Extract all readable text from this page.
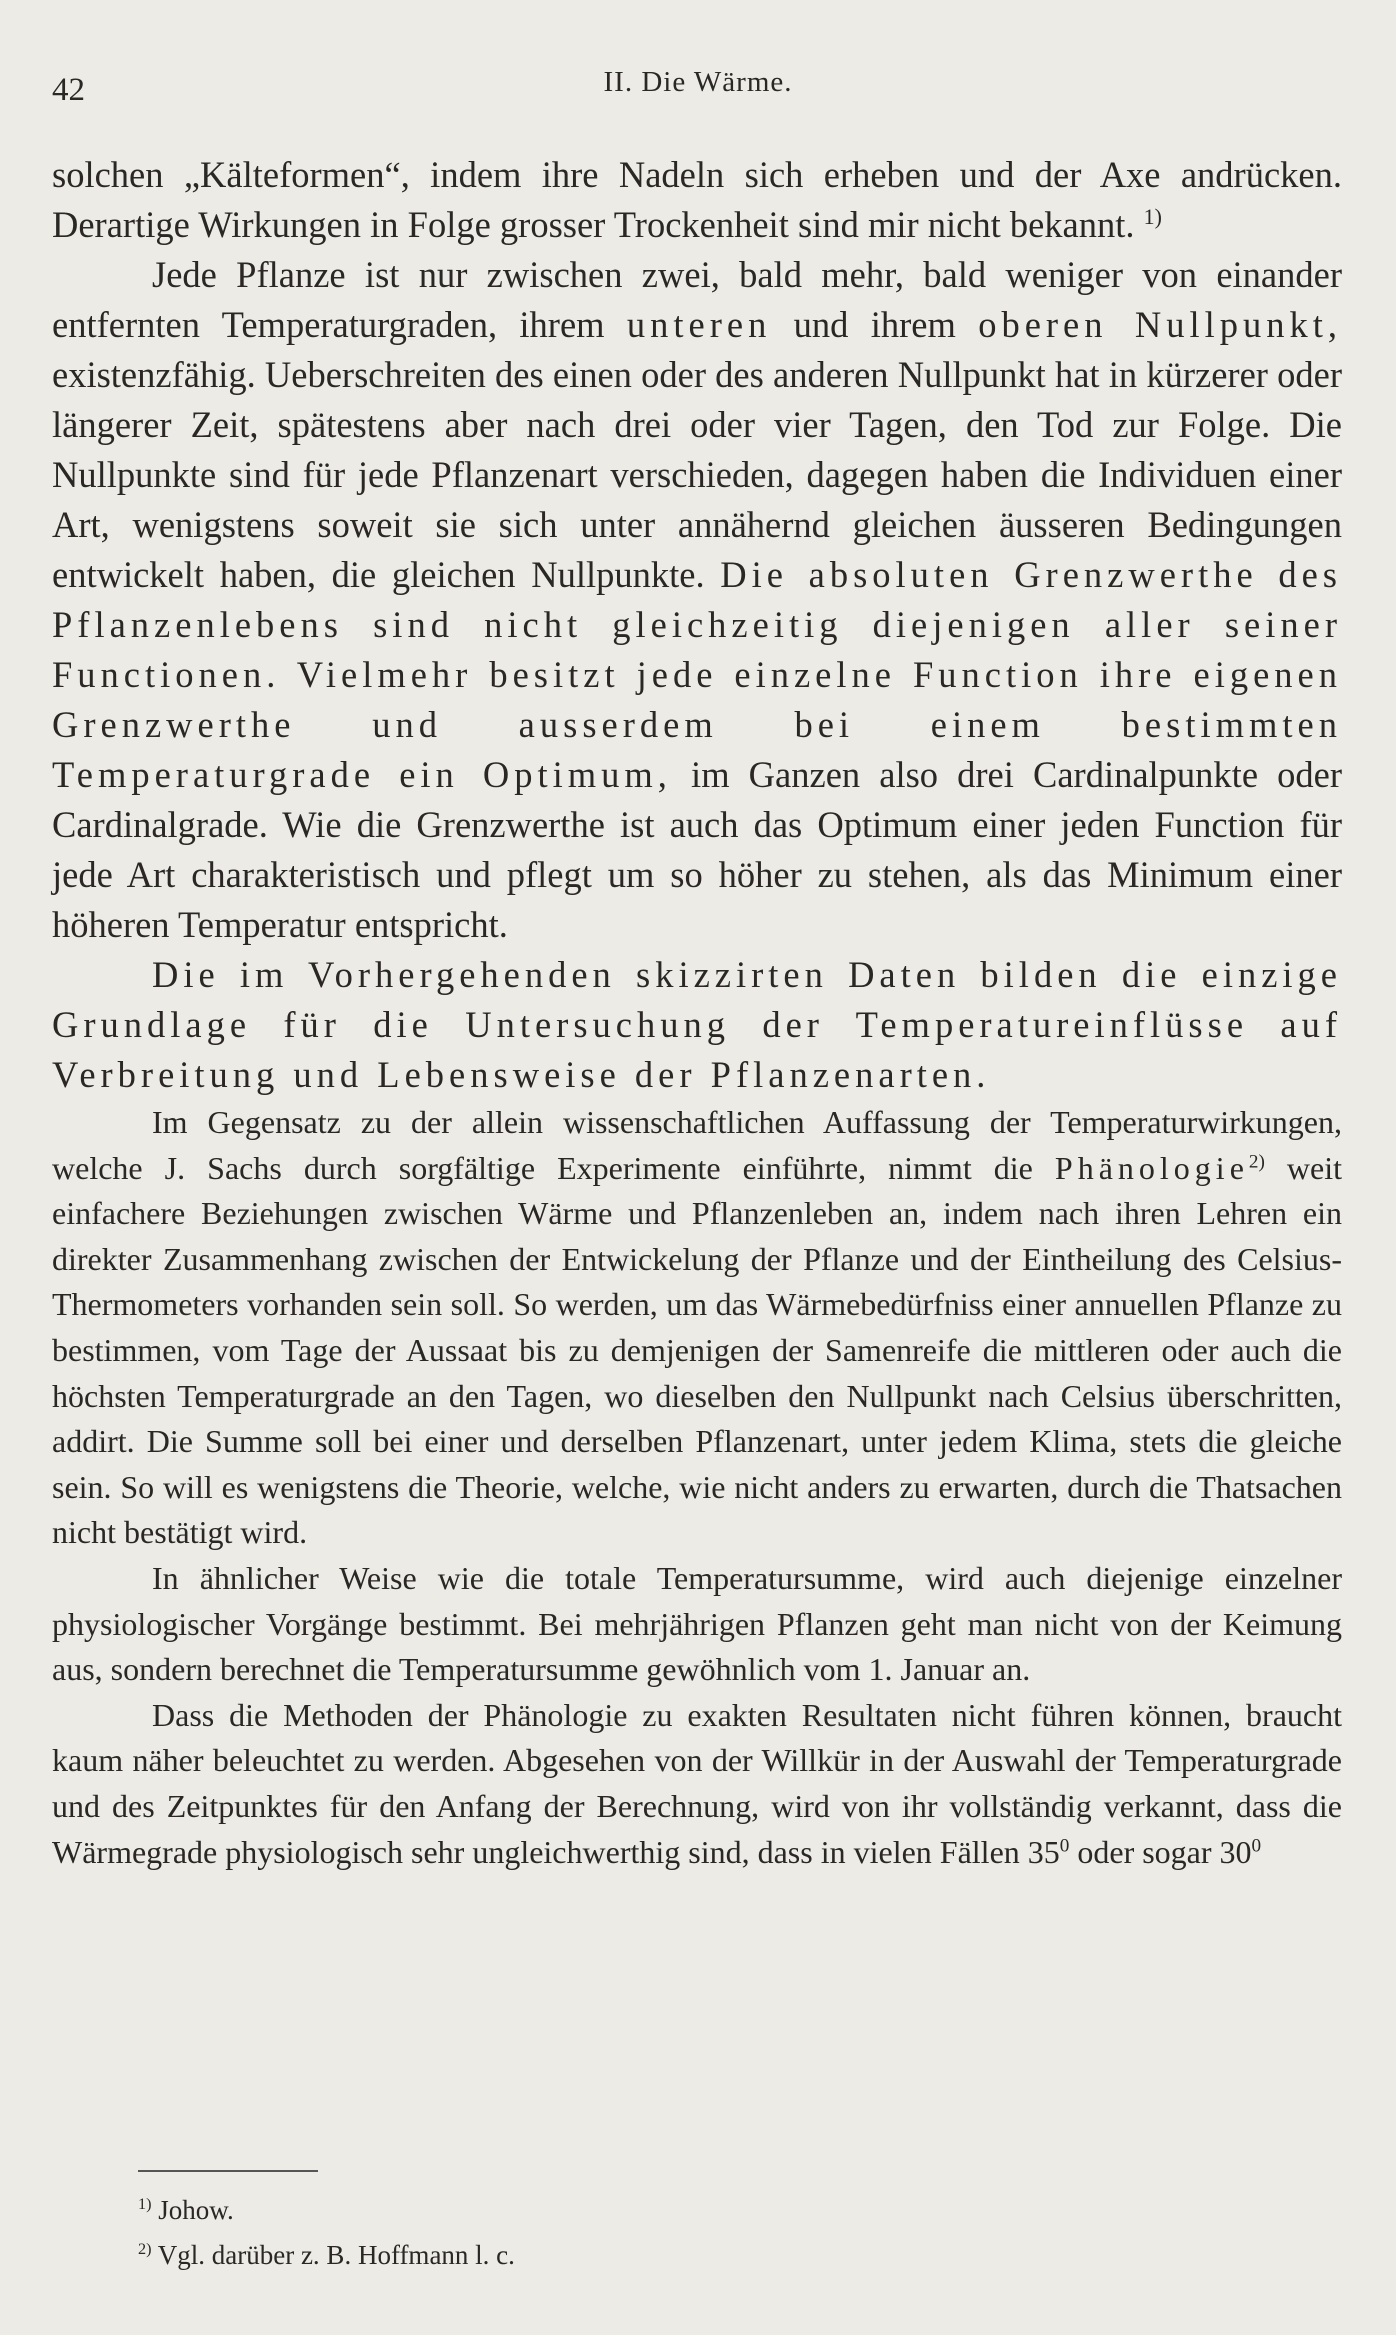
42	II. Die Wärme.

solchen „Kälteformen“, indem ihre Nadeln sich erheben und der Axe andrücken. Derartige Wirkungen in Folge grosser Trockenheit sind mir nicht bekannt. $^{1)}$

Jede Pflanze ist nur zwischen zwei, bald mehr, bald weniger von einander entfernten Temperaturgraden, ihrem unteren und ihrem oberen Nullpunkt, existenzfähig. Ueberschreiten des einen oder des anderen Nullpunkt hat in kürzerer oder längerer Zeit, spätestens aber nach drei oder vier Tagen, den Tod zur Folge. Die Nullpunkte sind für jede Pflanzenart verschieden, dagegen haben die Individuen einer Art, wenigstens soweit sie sich unter annähernd gleichen äusseren Bedingungen entwickelt haben, die gleichen Nullpunkte. Die absoluten Grenzwerthe des Pflanzenlebens sind nicht gleichzeitig diejenigen aller seiner Functionen. Vielmehr besitzt jede einzelne Function ihre eigenen Grenzwerthe und ausserdem bei einem bestimmten Temperaturgrade ein Optimum, im Ganzen also drei Cardinalpunkte oder Cardinalgrade. Wie die Grenzwerthe ist auch das Optimum einer jeden Function für jede Art charakteristisch und pflegt um so höher zu stehen, als das Minimum einer höheren Temperatur entspricht.

Die im Vorhergehenden skizzirten Daten bilden die einzige Grundlage für die Untersuchung der Temperatureinflüsse auf Verbreitung und Lebensweise der Pflanzenarten.

Im Gegensatz zu der allein wissenschaftlichen Auffassung der Temperaturwirkungen, welche J. Sachs durch sorgfältige Experimente einführte, nimmt die Phänologie$^{2)}$ weit einfachere Beziehungen zwischen Wärme und Pflanzenleben an, indem nach ihren Lehren ein direkter Zusammenhang zwischen der Entwickelung der Pflanze und der Eintheilung des Celsius-Thermometers vorhanden sein soll. So werden, um das Wärmebedürfniss einer annuellen Pflanze zu bestimmen, vom Tage der Aussaat bis zu demjenigen der Samenreife die mittleren oder auch die höchsten Temperaturgrade an den Tagen, wo dieselben den Nullpunkt nach Celsius überschritten, addirt. Die Summe soll bei einer und derselben Pflanzenart, unter jedem Klima, stets die gleiche sein. So will es wenigstens die Theorie, welche, wie nicht anders zu erwarten, durch die Thatsachen nicht bestätigt wird.

In ähnlicher Weise wie die totale Temperatursumme, wird auch diejenige einzelner physiologischer Vorgänge bestimmt. Bei mehrjährigen Pflanzen geht man nicht von der Keimung aus, sondern berechnet die Temperatursumme gewöhnlich vom 1. Januar an.

Dass die Methoden der Phänologie zu exakten Resultaten nicht führen können, braucht kaum näher beleuchtet zu werden. Abgesehen von der Willkür in der Auswahl der Temperaturgrade und des Zeitpunktes für den Anfang der Berechnung, wird von ihr vollständig verkannt, dass die Wärmegrade physiologisch sehr ungleichwerthig sind, dass in vielen Fällen $35^0$ oder sogar $30^0$

$^{1)}$ Johow.
$^{2)}$ Vgl. darüber z. B. Hoffmann l. c.
